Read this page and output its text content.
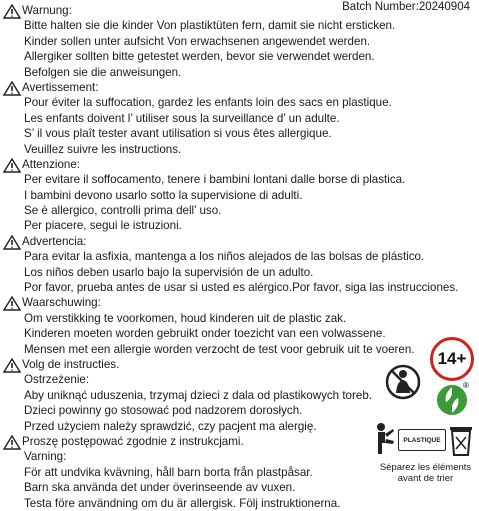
Batch Number:20240904
Warnung:
Bitte halten sie die kinder Von plastiktüten fern, damit sie nicht ersticken.
Kinder sollen unter aufsicht Von erwachsenen angewendet werden.
Allergiker sollten bitte getestet werden, bevor sie verwendet werden.
Befolgen sie die anweisungen.
Avertissement:
Pour éviter la suffocation, gardez les enfants loin des sacs en plastique.
Les enfants doivent l’ utiliser sous la surveillance d’ un adulte.
S’ il vous plaît tester avant utilisation si vous êtes allergique.
Veuillez suivre les instructions.
Attenzione:
Per evitare il soffocamento, tenere i bambini lontani dalle borse di plastica.
I bambini devono usarlo sotto la supervisione di adulti.
Se è allergico, controlli prima dell’ uso.
Per piacere, segui le istruzioni.
Advertencia:
Para evitar la asfixia, mantenga a los niños alejados de las bolsas de plástico.
Los niños deben usarlo bajo la supervisión de un adulto.
Por favor, prueba antes de usar si usted es alérgico.Por favor, siga las instrucciones.
Waarschuwing:
Om verstikking te voorkomen, houd kinderen uit de plastic zak.
Kinderen moeten worden gebruikt onder toezicht van een volwassene.
Mensen met een allergie worden verzocht de test voor gebruik uit te voeren.
Volg de instructies.
Ostrzeżenie:
Aby uniknąć uduszenia, trzymaj dzieci z dala od plastikowych toreb.
Dzieci powinny go stosować pod nadzorem dorosłych.
Przed użyciem należy sprawdzić, czy pacjent ma alergię.
Proszę postępować zgodnie z instrukcjami.
Varning:
För att undvika kvävning, håll barn borta från plastpåsar.
Barn ska använda det under överinseende av vuxen.
Testa före användning om du är allergisk. Följ instruktionerna.
14+
®
PLASTIQUE
Séparez les éléments
avant de trier
